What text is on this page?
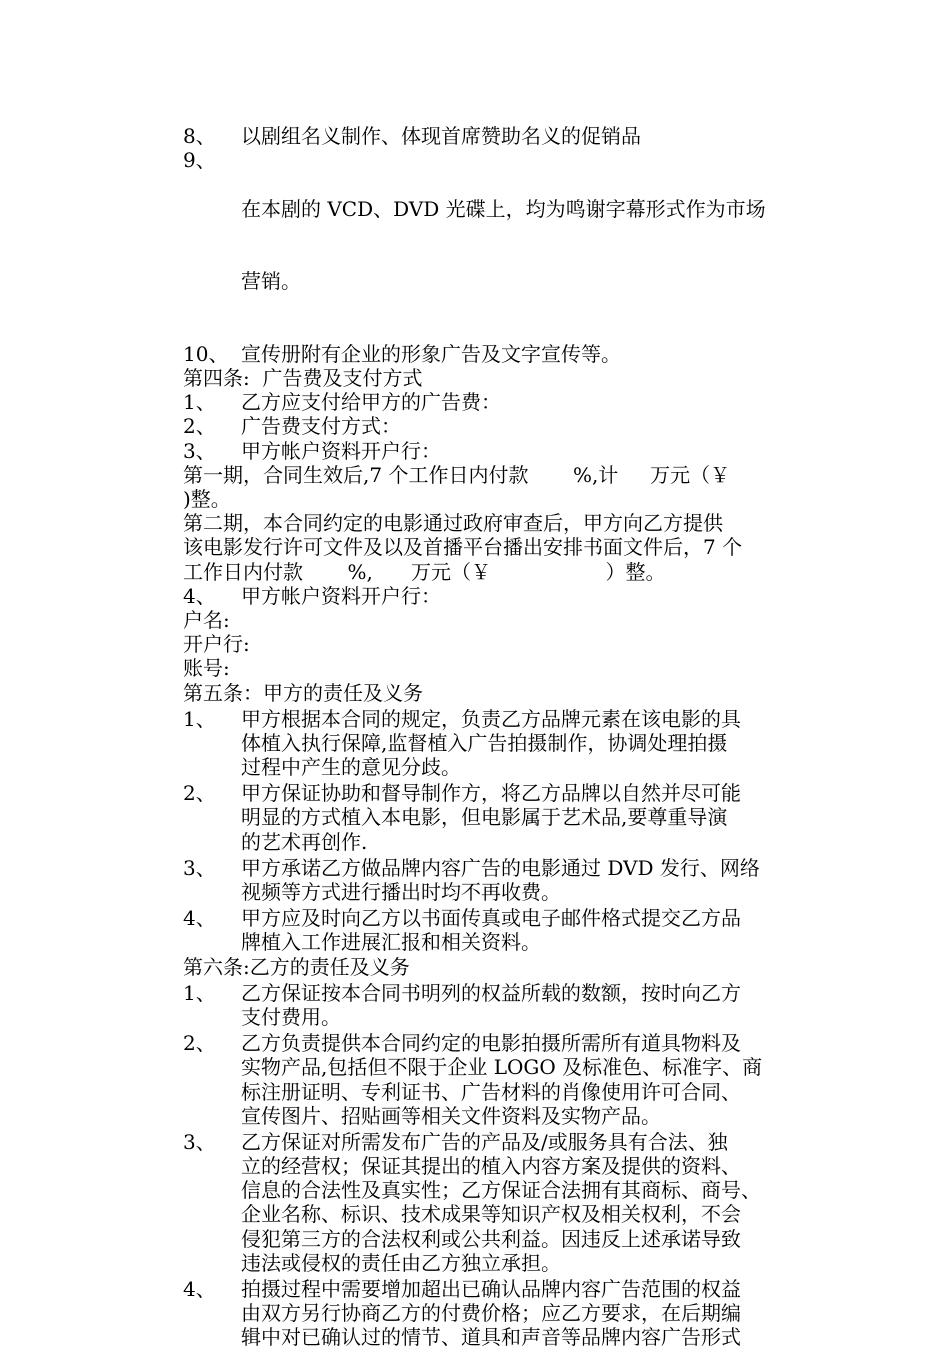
8、	以剧组名义制作、体现首席赞助名义的促销品
9、

在本剧的 VCD、DVD 光碟上，均为鸣谢字幕形式作为市场

营销。

10、 宣传册附有企业的形象广告及文字宣传等。
第四条:  广告费及支付方式
1、	乙方应支付给甲方的广告费：
2、	广告费支付方式：
3、	甲方帐户资料开户行：
第一期，合同生效后,7 个工作日内付款       %,计     万元（￥
)整。
第二期，本合同约定的电影通过政府审查后，甲方向乙方提供
该电影发行许可文件及以及首播平台播出安排书面文件后，7 个
工作日内付款       %,      万元（￥                  ）整。
4、	甲方帐户资料开户行：
户名:
开户行:
账号:
第五条：甲方的责任及义务
1、	甲方根据本合同的规定，负责乙方品牌元素在该电影的具
体植入执行保障,监督植入广告拍摄制作，协调处理拍摄
过程中产生的意见分歧。
2、	甲方保证协助和督导制作方，将乙方品牌以自然并尽可能
明显的方式植入本电影，但电影属于艺术品,要尊重导演
的艺术再创作.
3、	甲方承诺乙方做品牌内容广告的电影通过 DVD 发行、网络
视频等方式进行播出时均不再收费。
4、	甲方应及时向乙方以书面传真或电子邮件格式提交乙方品
牌植入工作进展汇报和相关资料。
第六条:乙方的责任及义务
1、	乙方保证按本合同书明列的权益所载的数额，按时向乙方
支付费用。
2、	乙方负责提供本合同约定的电影拍摄所需所有道具物料及
实物产品,包括但不限于企业 LOGO 及标准色、标准字、商
标注册证明、专利证书、广告材料的肖像使用许可合同、
宣传图片、招贴画等相关文件资料及实物产品。
3、	乙方保证对所需发布广告的产品及/或服务具有合法、独
立的经营权；保证其提出的植入内容方案及提供的资料、
信息的合法性及真实性；乙方保证合法拥有其商标、商号、
企业名称、标识、技术成果等知识产权及相关权利，不会
侵犯第三方的合法权利或公共利益。因违反上述承诺导致
违法或侵权的责任由乙方独立承担。
4、	拍摄过程中需要增加超出已确认品牌内容广告范围的权益
由双方另行协商乙方的付费价格；应乙方要求，在后期编
辑中对已确认过的情节、道具和声音等品牌内容广告形式
